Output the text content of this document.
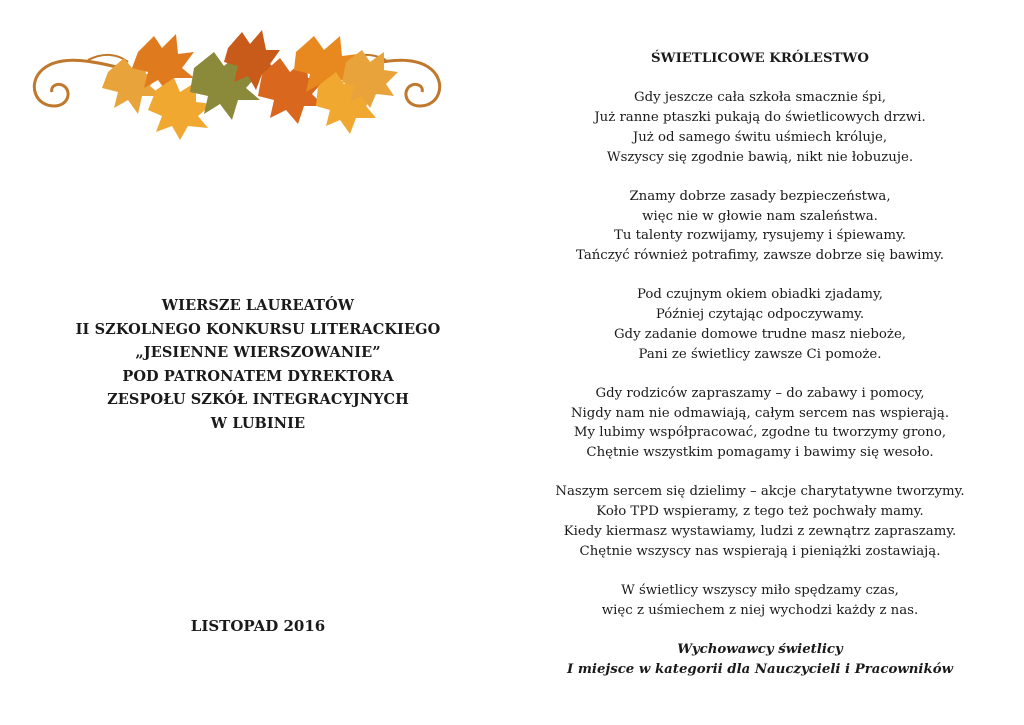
WIERSZE LAUREATÓW
II SZKOLNEGO KONKURSU LITERACKIEGO
„JESIENNE WIERSZOWANIE”
POD PATRONATEM DYREKTORA
ZESPOŁU SZKÓŁ INTEGRACYJNYCH
W LUBINIE
LISTOPAD 2016
ŚWIETLICOWE KRÓLESTWO
Gdy jeszcze cała szkoła smacznie śpi,
Już ranne ptaszki pukają do świetlicowych drzwi.
Już od samego świtu uśmiech króluje,
Wszyscy się zgodnie bawią, nikt nie łobuzuje.
Znamy dobrze zasady bezpieczeństwa,
więc nie w głowie nam szaleństwa.
Tu talenty rozwijamy, rysujemy i śpiewamy.
Tańczyć również potrafimy, zawsze dobrze się bawimy.
Pod czujnym okiem obiadki zjadamy,
Później czytając odpoczywamy.
Gdy zadanie domowe trudne masz nieboże,
Pani ze świetlicy zawsze Ci pomoże.
Gdy rodziców zapraszamy – do zabawy i pomocy,
Nigdy nam nie odmawiają, całym sercem nas wspierają.
My lubimy współpracować, zgodne tu tworzymy grono,
Chętnie wszystkim pomagamy i bawimy się wesoło.
Naszym sercem się dzielimy – akcje charytatywne tworzymy.
Koło TPD wspieramy, z tego też pochwały mamy.
Kiedy kiermasz wystawiamy, ludzi z zewnątrz zapraszamy.
Chętnie wszyscy nas wspierają i pieniążki zostawiają.
W świetlicy wszyscy miło spędzamy czas,
więc z uśmiechem z niej wychodzi każdy z nas.
Wychowawcy świetlicy
I miejsce w kategorii dla Nauczycieli i Pracowników
